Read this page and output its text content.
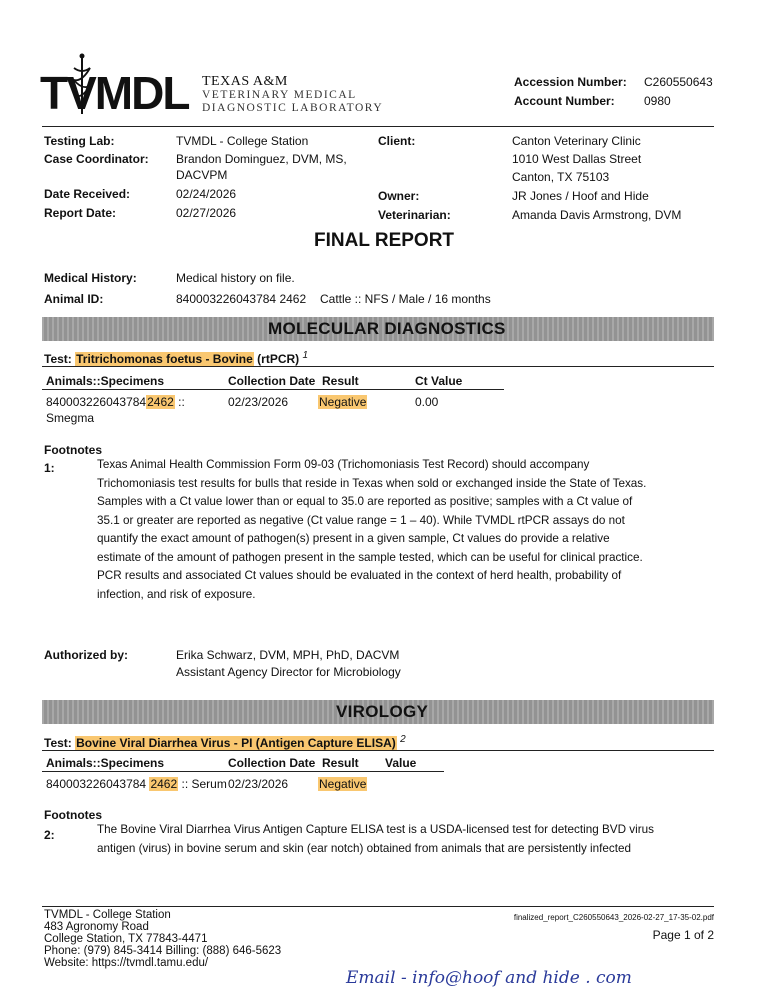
TVMDL TEXAS A&M
VETERINARY MEDICAL
DIAGNOSTIC LABORATORY
Accession Number: C260550643
Account Number: 0980
Testing Lab:	TVMDL - College Station
Case Coordinator: Brandon Dominguez, DVM, MS,
DACVPM
Date Received:	02/24/2026
Report Date:	02/27/2026
Client:	Canton Veterinary Clinic
1010 West Dallas Street
Canton, TX 75103
Owner:	JR Jones / Hoof and Hide
Veterinarian:	Amanda Davis Armstrong, DVM
FINAL REPORT
Medical History:	Medical history on file.
Animal ID:	840003226043784 2462 Cattle :: NFS / Male / 16 months
MOLECULAR DIAGNOSTICS
Test: Tritrichomonas foetus - Bovine (rtPCR) $^1$
Animals::Specimens	Collection Date Result	Ct Value
8400032260437842462 ::
Smegma
02/23/2026	Negative	0.00
Footnotes
1:	Texas Animal Health Commission Form 09-03 (Trichomoniasis Test Record) should accompany Trichomoniasis test results for bulls that reside in Texas when sold or exchanged inside the State of Texas. Samples with a Ct value lower than or equal to 35.0 are reported as positive; samples with a Ct value of 35.1 or greater are reported as negative (Ct value range = 1 – 40). While TVMDL rtPCR assays do not quantify the exact amount of pathogen(s) present in a given sample, Ct values do provide a relative estimate of the amount of pathogen present in the sample tested, which can be useful for clinical practice. PCR results and associated Ct values should be evaluated in the context of herd health, probability of infection, and risk of exposure.
Authorized by:	Erika Schwarz, DVM, MPH, PhD, DACVM
Assistant Agency Director for Microbiology
VIROLOGY
Test: Bovine Viral Diarrhea Virus - PI (Antigen Capture ELISA) $^2$
Animals::Specimens	Collection Date Result Value
840003226043784 2462 :: Serum 02/23/2026	Negative
Footnotes
2:	The Bovine Viral Diarrhea Virus Antigen Capture ELISA test is a USDA-licensed test for detecting BVD virus
antigen (virus) in bovine serum and skin (ear notch) obtained from animals that are persistently infected
TVMDL - College Station
483 Agronomy Road
College Station, TX 77843-4471
Phone: (979) 845-3414 Billing: (888) 646-5623
Website: https://tvmdl.tamu.edu/
finalized_report_C260550643_2026-02-27_17-35-02.pdf
Page 1 of 2
Email - info@hoof and hide . com
